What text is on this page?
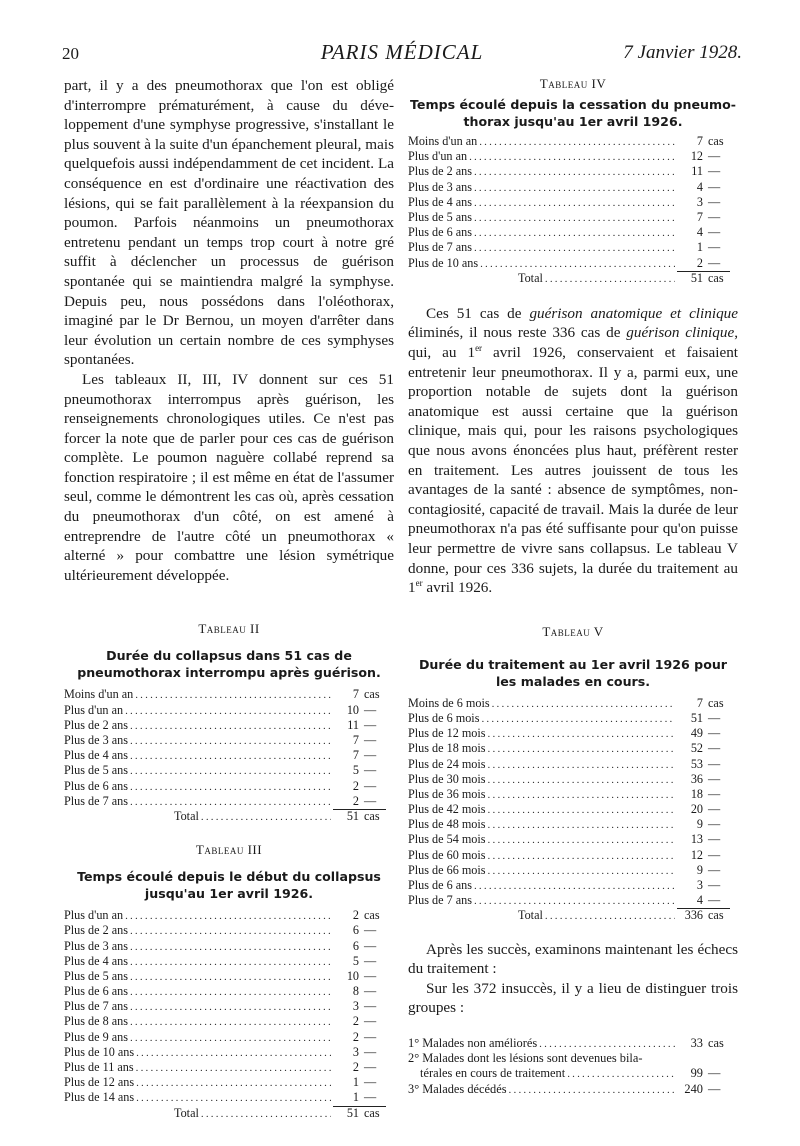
20	PARIS MÉDICAL	7 Janvier 1928.

part, il y a des pneumothorax que l'on est obligé d'interrompre prématurément, à cause du développement d'une symphyse progressive, s'installant le plus souvent à la suite d'un épanchement pleural, mais quelquefois aussi indépendamment de cet incident. La conséquence en est d'ordinaire une réactivation des lésions, qui se fait parallèlement à la réexpansion du poumon. Parfois néanmoins un pneumothorax entretenu pendant un temps trop court à notre gré suffit à déclencher un processus de guérison spontanée qui se maintiendra malgré la symphyse. Depuis peu, nous possédons dans l'oléothorax, imaginé par le Dr Bernou, un moyen d'arrêter dans leur évolution un certain nombre de ces symphyses spontanées.

Les tableaux II, III, IV donnent sur ces 51 pneumothorax interrompus après guérison, les renseignements chronologiques utiles. Ce n'est pas forcer la note que de parler pour ces cas de guérison complète. Le poumon naguère collabé reprend sa fonction respiratoire ; il est même en état de l'assumer seul, comme le démontrent les cas où, après cessation du pneumothorax d'un côté, on est amené à entreprendre de l'autre côté un pneumothorax « alterné » pour combattre une lésion symétrique ultérieurement développée.

Tableau II

Durée du collapsus dans 51 cas de pneumothorax interrompu après guérison.

Moins d'un an .....	7 cas
Plus d'un an .....	10 —
Plus de 2 ans .....	11 —
Plus de 3 ans .....	7 —
Plus de 4 ans .....	7 —
Plus de 5 ans .....	5 —
Plus de 6 ans .....	2 —
Plus de 7 ans .....	2 —
Total .....	51 cas

Tableau III

Temps écoulé depuis le début du collapsus jusqu'au 1er avril 1926.

Plus d'un an .....	2 cas
Plus de 2 ans .....	6 —
Plus de 3 ans .....	6 —
Plus de 4 ans .....	5 —
Plus de 5 ans .....	10 —
Plus de 6 ans .....	8 —
Plus de 7 ans .....	3 —
Plus de 8 ans .....	2 —
Plus de 9 ans .....	2 —
Plus de 10 ans .....	3 —
Plus de 11 ans .....	2 —
Plus de 12 ans .....	1 —
Plus de 14 ans .....	1 —
Total .....	51 cas

Tableau IV

Temps écoulé depuis la cessation du pneumothorax jusqu'au 1er avril 1926.

Moins d'un an .....	7 cas
Plus d'un an .....	12 —
Plus de 2 ans .....	11 —
Plus de 3 ans .....	4 —
Plus de 4 ans .....	3 —
Plus de 5 ans .....	7 —
Plus de 6 ans .....	4 —
Plus de 7 ans .....	1 —
Plus de 10 ans .....	2 —
Total .....	51 cas

Ces 51 cas de guérison anatomique et clinique éliminés, il nous reste 336 cas de guérison clinique, qui, au 1er avril 1926, conservaient et faisaient entretenir leur pneumothorax. Il y a, parmi eux, une proportion notable de sujets dont la guérison anatomique est aussi certaine que la guérison clinique, mais qui, pour les raisons psychologiques que nous avons énoncées plus haut, préfèrent rester en traitement. Les autres jouissent de tous les avantages de la santé : absence de symptômes, non-contagiosité, capacité de travail. Mais la durée de leur pneumothorax n'a pas été suffisante pour qu'on puisse leur permettre de vivre sans collapsus. Le tableau V donne, pour ces 336 sujets, la durée du traitement au 1er avril 1926.

Tableau V

Durée du traitement au 1er avril 1926 pour les malades en cours.

Moins de 6 mois .....	7 cas
Plus de 6 mois .....	51 —
Plus de 12 mois .....	49 —
Plus de 18 mois .....	52 —
Plus de 24 mois .....	53 —
Plus de 30 mois .....	36 —
Plus de 36 mois .....	18 —
Plus de 42 mois .....	20 —
Plus de 48 mois .....	9 —
Plus de 54 mois .....	13 —
Plus de 60 mois .....	12 —
Plus de 66 mois .....	9 —
Plus de 6 ans .....	3 —
Plus de 7 ans .....	4 —
Total .....	336 cas

Après les succès, examinons maintenant les échecs du traitement :

Sur les 372 insuccès, il y a lieu de distinguer trois groupes :

1° Malades non améliorés .....	33 cas
2° Malades dont les lésions sont devenues bila-
térales en cours de traitement .....	99 —
3° Malades décédés .....	240 —
